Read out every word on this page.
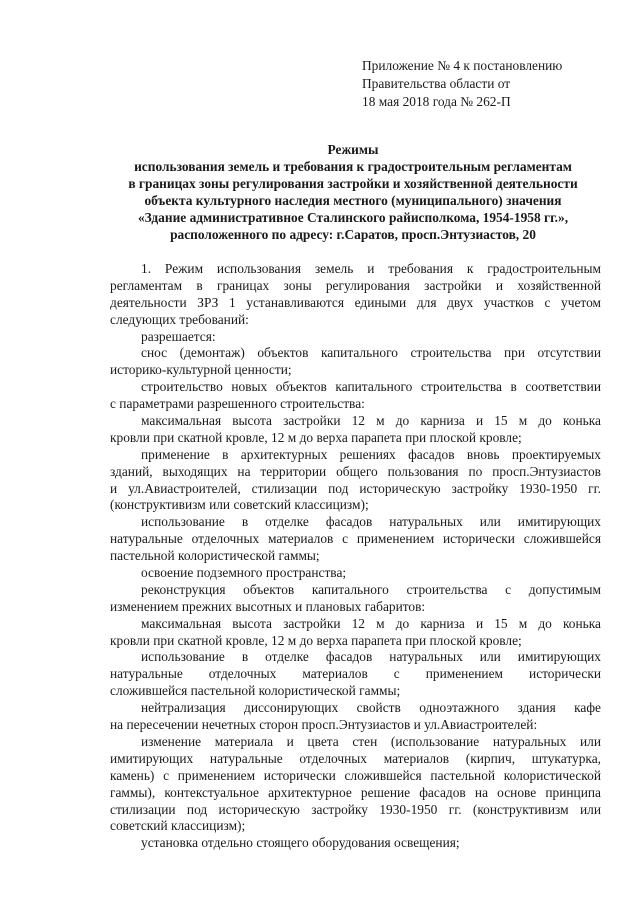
Приложение № 4 к постановлению
Правительства области от
18 мая 2018 года № 262-П
Режимы
использования земель и требования к градостроительным регламентам
в границах зоны регулирования застройки и хозяйственной деятельности
объекта культурного наследия местного (муниципального) значения
«Здание административное Сталинского райисполкома, 1954-1958 гг.»,
расположенного по адресу: г.Саратов, просп.Энтузиастов, 20
1. Режим использования земель и требования к градостроительным
регламентам в границах зоны регулирования застройки и хозяйственной
деятельности ЗРЗ 1 устанавливаются едиными для двух участков с учетом
следующих требований:
разрешается:
снос (демонтаж) объектов капитального строительства при отсутствии
историко-культурной ценности;
строительство новых объектов капитального строительства в соответствии
с параметрами разрешенного строительства:
максимальная высота застройки 12 м до карниза и 15 м до конька
кровли при скатной кровле, 12 м до верха парапета при плоской кровле;
применение в архитектурных решениях фасадов вновь проектируемых
зданий, выходящих на территории общего пользования по просп.Энтузиастов
и ул.Авиастроителей, стилизации под историческую застройку 1930-1950 гг.
(конструктивизм или советский классицизм);
использование в отделке фасадов натуральных или имитирующих
натуральные отделочных материалов с применением исторически сложившейся
пастельной колористической гаммы;
освоение подземного пространства;
реконструкция объектов капитального строительства с допустимым
изменением прежних высотных и плановых габаритов:
максимальная высота застройки 12 м до карниза и 15 м до конька
кровли при скатной кровле, 12 м до верха парапета при плоской кровле;
использование в отделке фасадов натуральных или имитирующих
натуральные отделочных материалов с применением исторически
сложившейся пастельной колористической гаммы;
нейтрализация диссонирующих свойств одноэтажного здания кафе
на пересечении нечетных сторон просп.Энтузиастов и ул.Авиастроителей:
изменение материала и цвета стен (использование натуральных или
имитирующих натуральные отделочных материалов (кирпич, штукатурка,
камень) с применением исторически сложившейся пастельной колористической
гаммы), контекстуальное архитектурное решение фасадов на основе принципа
стилизации под историческую застройку 1930-1950 гг. (конструктивизм или
советский классицизм);
установка отдельно стоящего оборудования освещения;
